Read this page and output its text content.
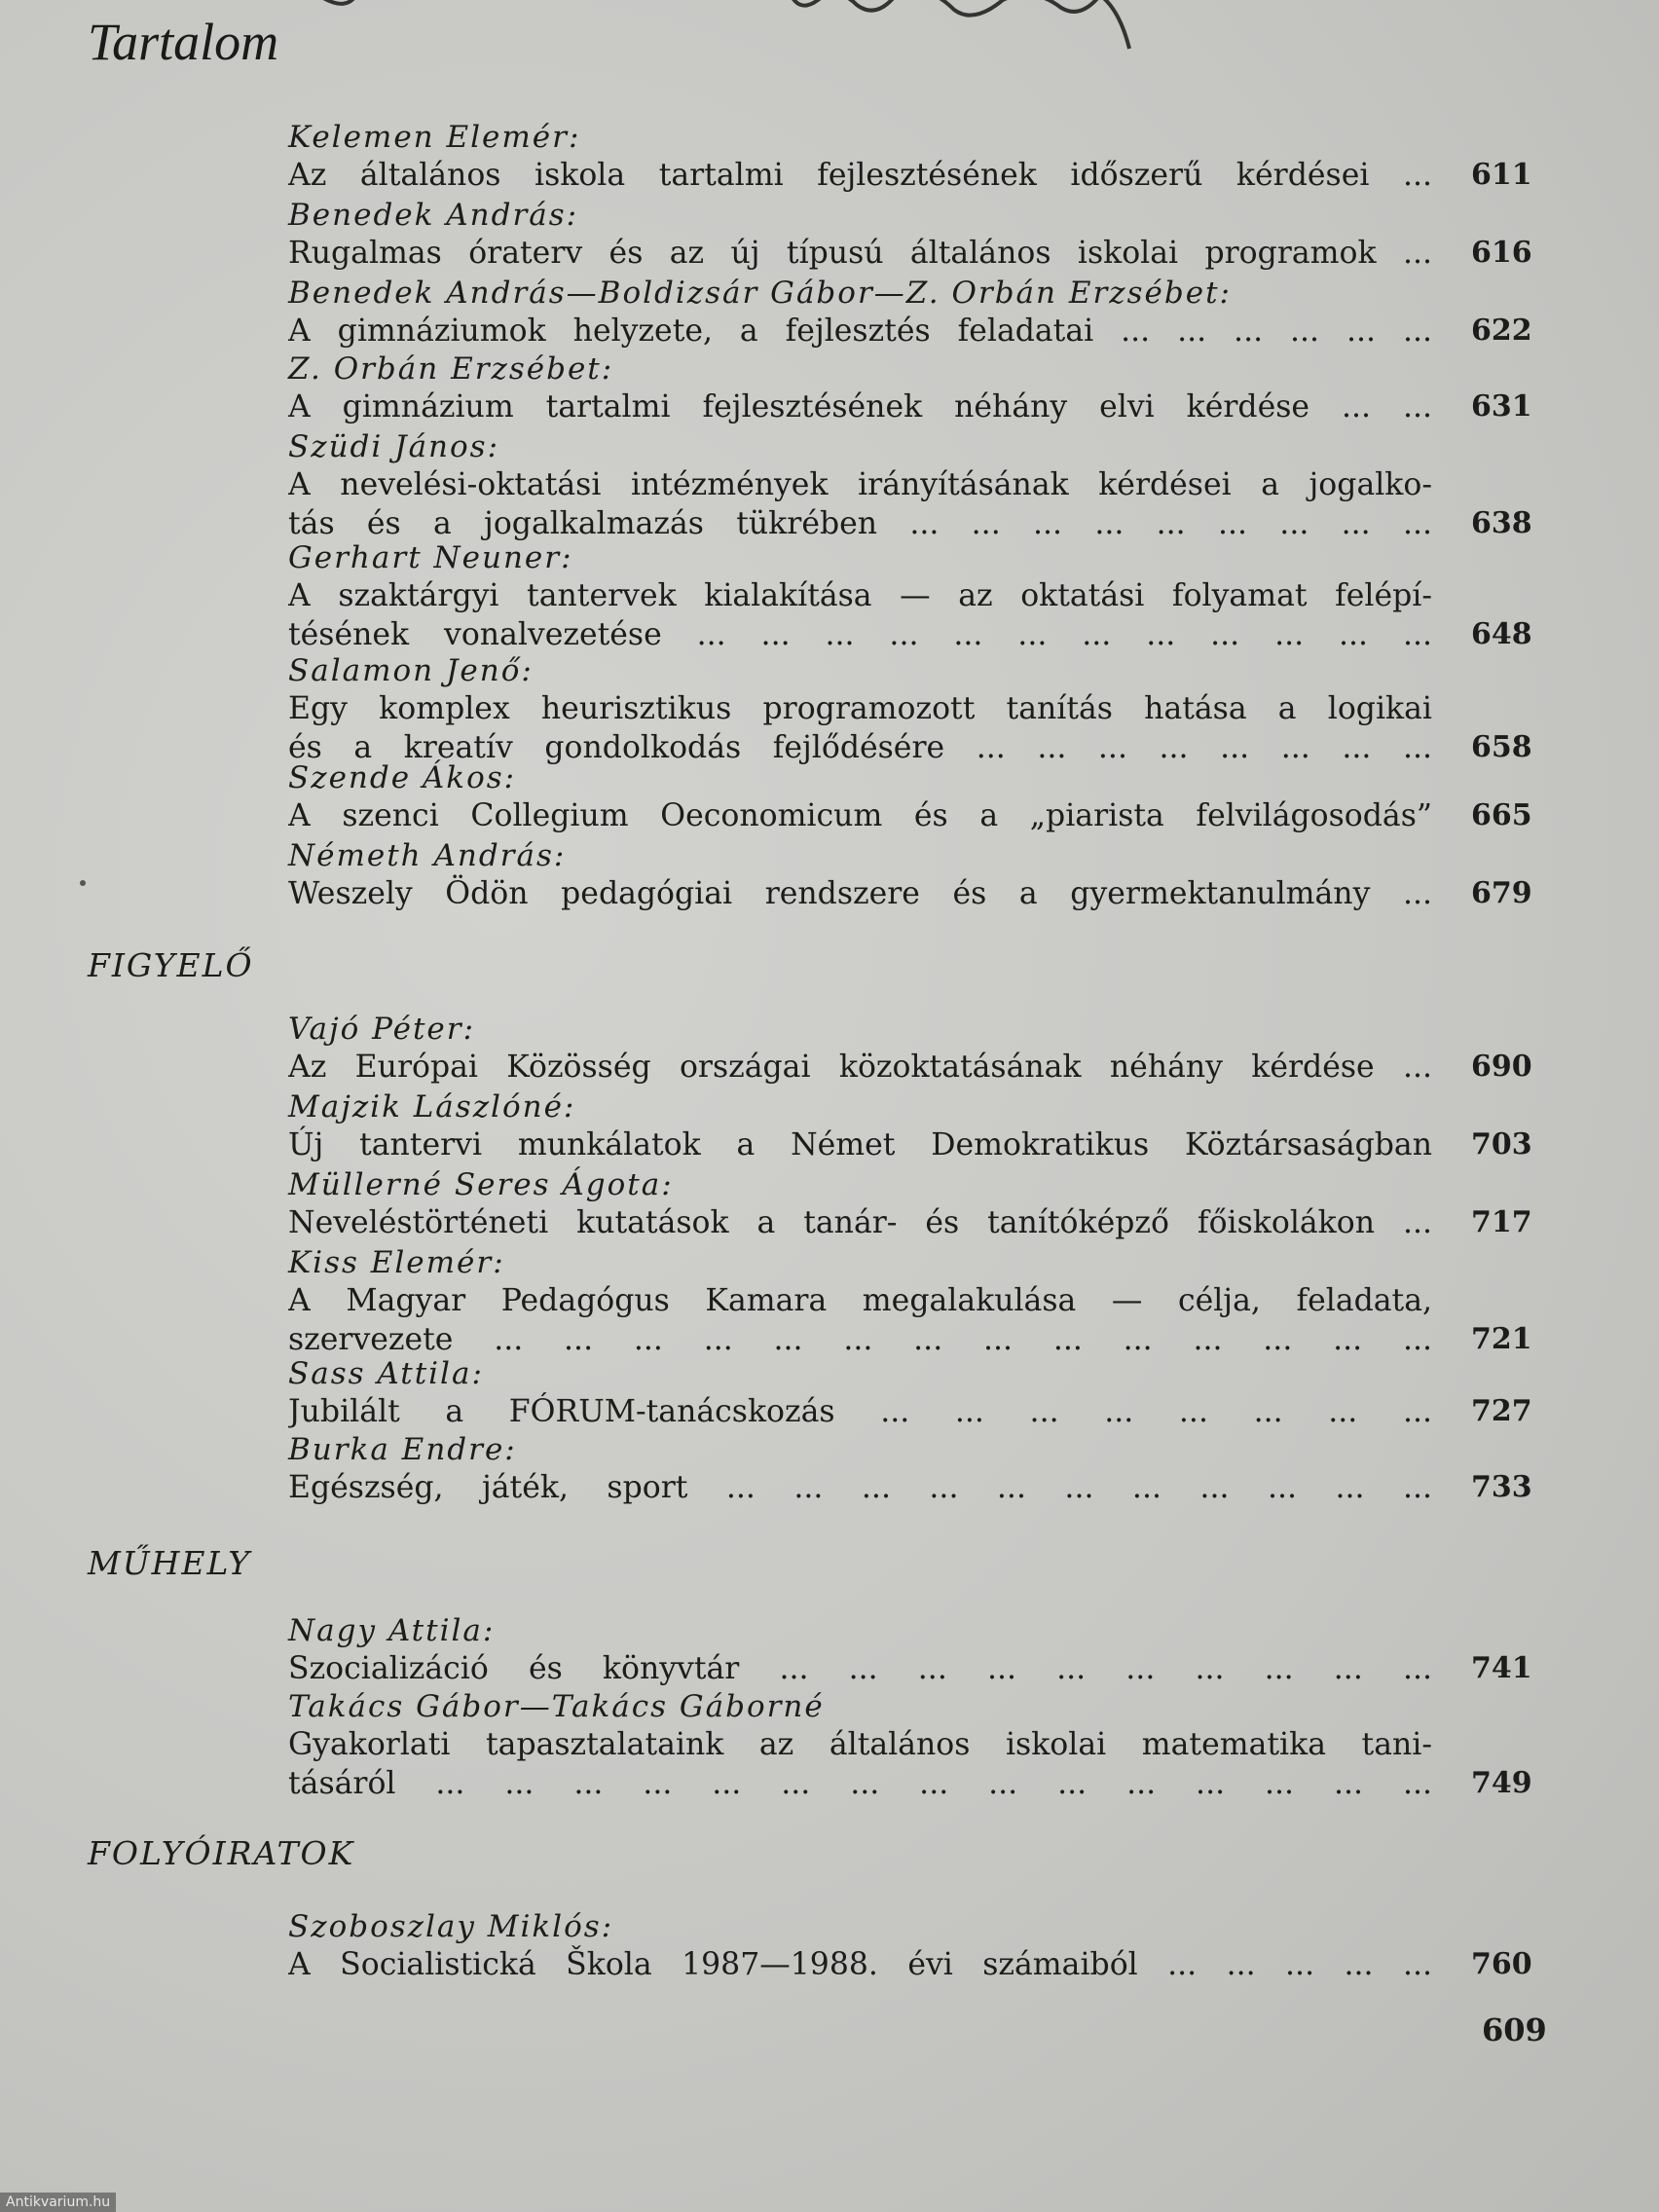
Tartalom
Kelemen Elemér:
Az általános iskola tartalmi fejlesztésének időszerű kérdései ... 611
Benedek András:
Rugalmas óraterv és az új típusú általános iskolai programok ... 616
Benedek András—Boldizsár Gábor—Z. Orbán Erzsébet:
A gimnáziumok helyzete, a fejlesztés feladatai ... ... ... ... ... ... 622
Z. Orbán Erzsébet:
A gimnázium tartalmi fejlesztésének néhány elvi kérdése ... ... 631
Szüdi János:
A nevelési-oktatási intézmények irányításának kérdései a jogalko-
tás és a jogalkalmazás tükrében ... ... ... ... ... ... ... ... ... 638
Gerhart Neuner:
A szaktárgyi tantervek kialakítása — az oktatási folyamat felépí-
tésének vonalvezetése ... ... ... ... ... ... ... ... ... ... ... ... 648
Salamon Jenő:
Egy komplex heurisztikus programozott tanítás hatása a logikai
és a kreatív gondolkodás fejlődésére ... ... ... ... ... ... ... ... 658
Szende Ákos:
A szenci Collegium Oeconomicum és a „piarista felvilágosodás” 665
Németh András:
Weszely Ödön pedagógiai rendszere és a gyermektanulmány ... 679
FIGYELŐ
Vajó Péter:
Az Európai Közösség országai közoktatásának néhány kérdése ... 690
Majzik Lászlóné:
Új tantervi munkálatok a Német Demokratikus Köztársaságban 703
Müllerné Seres Ágota:
Neveléstörténeti kutatások a tanár- és tanítóképző főiskolákon ... 717
Kiss Elemér:
A Magyar Pedagógus Kamara megalakulása — célja, feladata,
szervezete ... ... ... ... ... ... ... ... ... ... ... ... ... ... 721
Sass Attila:
Jubilált a FÓRUM-tanácskozás ... ... ... ... ... ... ... ... 727
Burka Endre:
Egészség, játék, sport ... ... ... ... ... ... ... ... ... ... ... 733
MŰHELY
Nagy Attila:
Szocializáció és könyvtár ... ... ... ... ... ... ... ... ... ... 741
Takács Gábor—Takács Gáborné
Gyakorlati tapasztalataink az általános iskolai matematika tani-
tásáról ... ... ... ... ... ... ... ... ... ... ... ... ... ... ... 749
FOLYÓIRATOK
Szoboszlay Miklós:
A Socialistická Škola 1987—1988. évi számaiból ... ... ... ... ... 760
609
Antikvarium.hu
